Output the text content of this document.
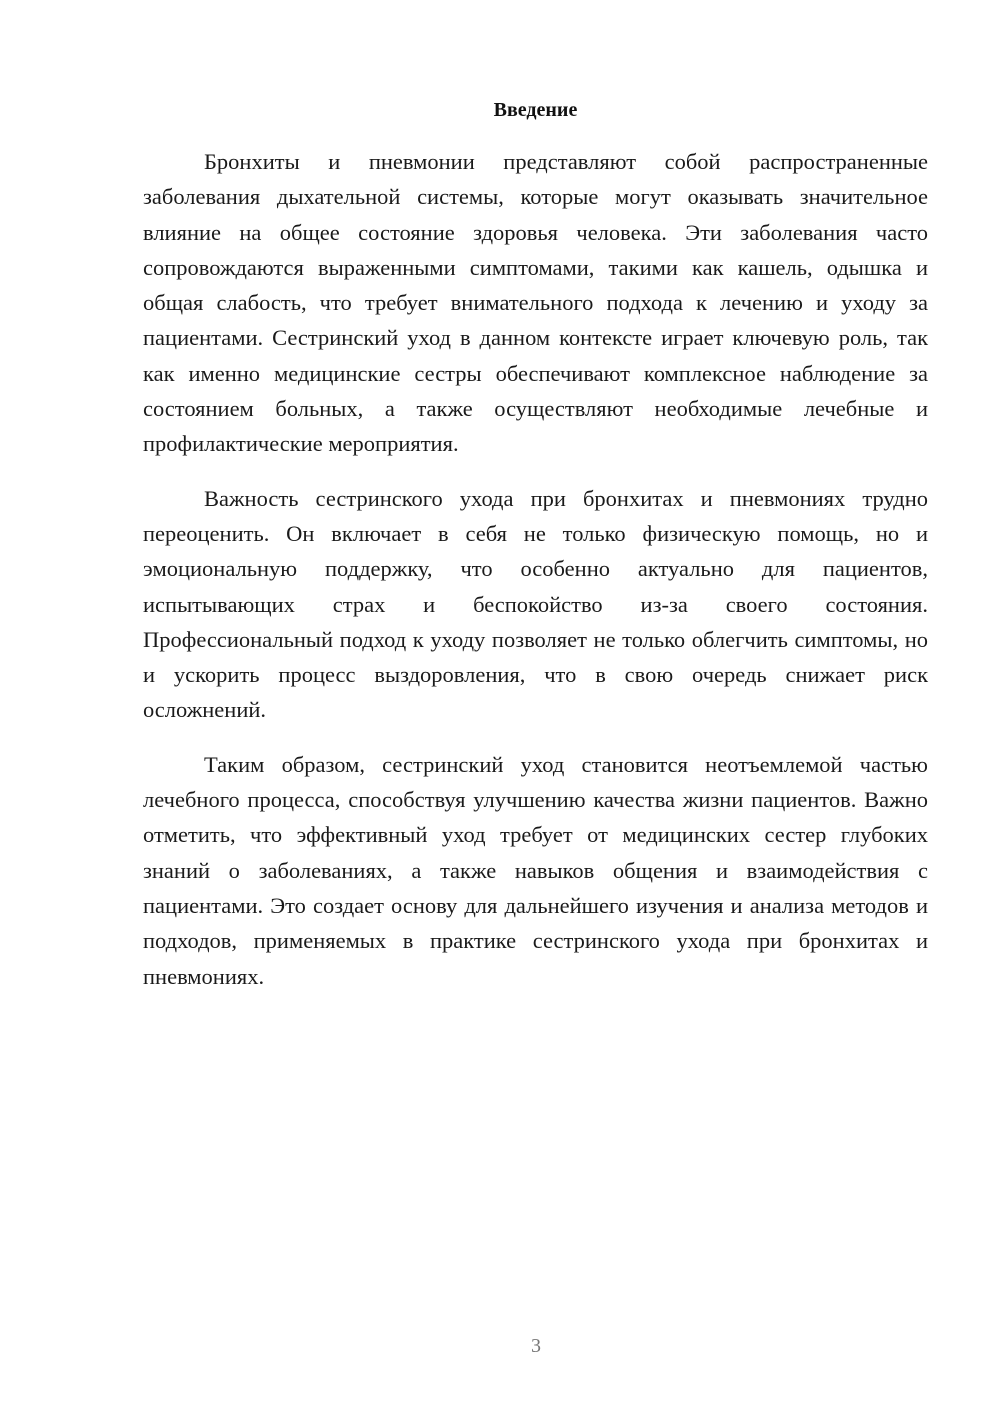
Введение

Бронхиты и пневмонии представляют собой распространенные заболевания дыхательной системы, которые могут оказывать значительное влияние на общее состояние здоровья человека. Эти заболевания часто сопровождаются выраженными симптомами, такими как кашель, одышка и общая слабость, что требует внимательного подхода к лечению и уходу за пациентами. Сестринский уход в данном контексте играет ключевую роль, так как именно медицинские сестры обеспечивают комплексное наблюдение за состоянием больных, а также осуществляют необходимые лечебные и профилактические мероприятия.

Важность сестринского ухода при бронхитах и пневмониях трудно переоценить. Он включает в себя не только физическую помощь, но и эмоциональную поддержку, что особенно актуально для пациентов, испытывающих страх и беспокойство из-за своего состояния. Профессиональный подход к уходу позволяет не только облегчить симптомы, но и ускорить процесс выздоровления, что в свою очередь снижает риск осложнений.

Таким образом, сестринский уход становится неотъемлемой частью лечебного процесса, способствуя улучшению качества жизни пациентов. Важно отметить, что эффективный уход требует от медицинских сестер глубоких знаний о заболеваниях, а также навыков общения и взаимодействия с пациентами. Это создает основу для дальнейшего изучения и анализа методов и подходов, применяемых в практике сестринского ухода при бронхитах и пневмониях.

3
